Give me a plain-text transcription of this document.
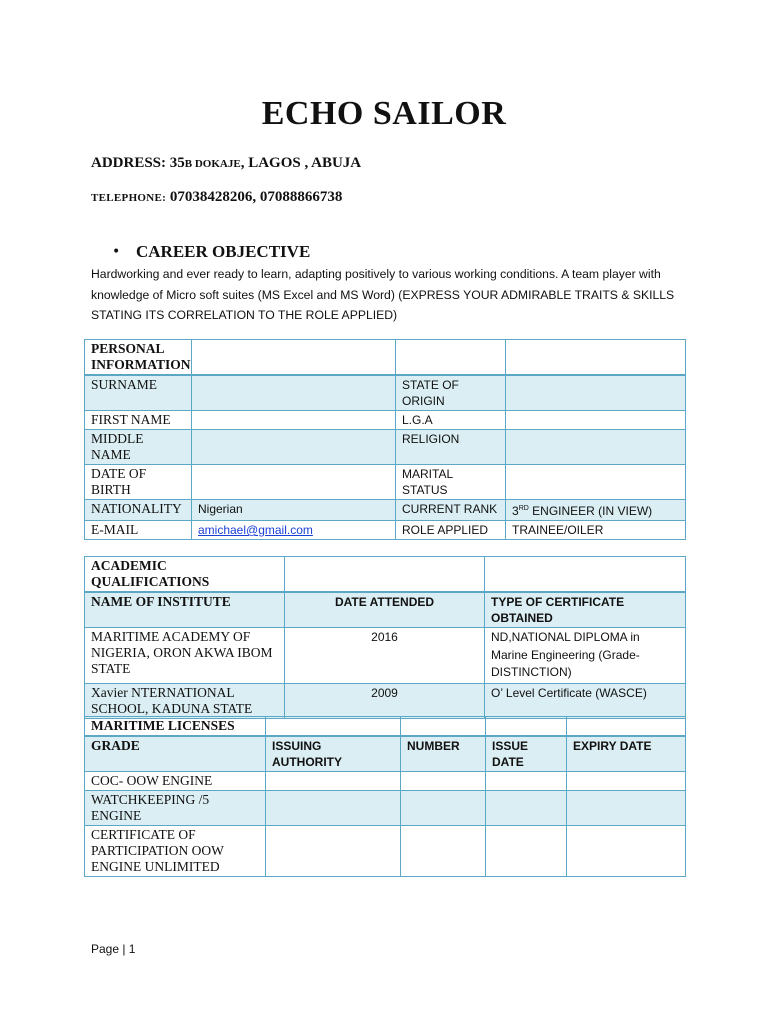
ECHO SAILOR
ADDRESS: 35B DOKAJE, LAGOS , ABUJA
TELEPHONE: 07038428206, 07088866738
• CAREER OBJECTIVE
Hardworking and ever ready to learn, adapting positively to various working conditions. A team player with knowledge of Micro soft suites (MS Excel and MS Word) (EXPRESS YOUR ADMIRABLE TRAITS & SKILLS STATING ITS CORRELATION TO THE ROLE APPLIED)
PERSONAL INFORMATION			
SURNAME		STATE OF ORIGIN	
FIRST NAME		L.G.A	
MIDDLE NAME		RELIGION	
DATE OF BIRTH		MARITAL STATUS	
NATIONALITY	Nigerian	CURRENT RANK	3RD ENGINEER (IN VIEW)
E-MAIL	amichael@gmail.com	ROLE APPLIED	TRAINEE/OILER
ACADEMIC QUALIFICATIONS		
NAME OF INSTITUTE	DATE ATTENDED	TYPE OF CERTIFICATE OBTAINED
MARITIME ACADEMY OF NIGERIA, ORON AKWA IBOM STATE	2016	ND,NATIONAL DIPLOMA in Marine Engineering (Grade- DISTINCTION)
Xavier NTERNATIONAL SCHOOL, KADUNA STATE	2009	O’ Level Certificate (WASCE)
MARITIME LICENSES				
GRADE	ISSUING AUTHORITY	NUMBER	ISSUE DATE	EXPIRY DATE
COC- OOW ENGINE				
WATCHKEEPING /5 ENGINE				
CERTIFICATE OF PARTICIPATION OOW ENGINE UNLIMITED				
Page | 1
